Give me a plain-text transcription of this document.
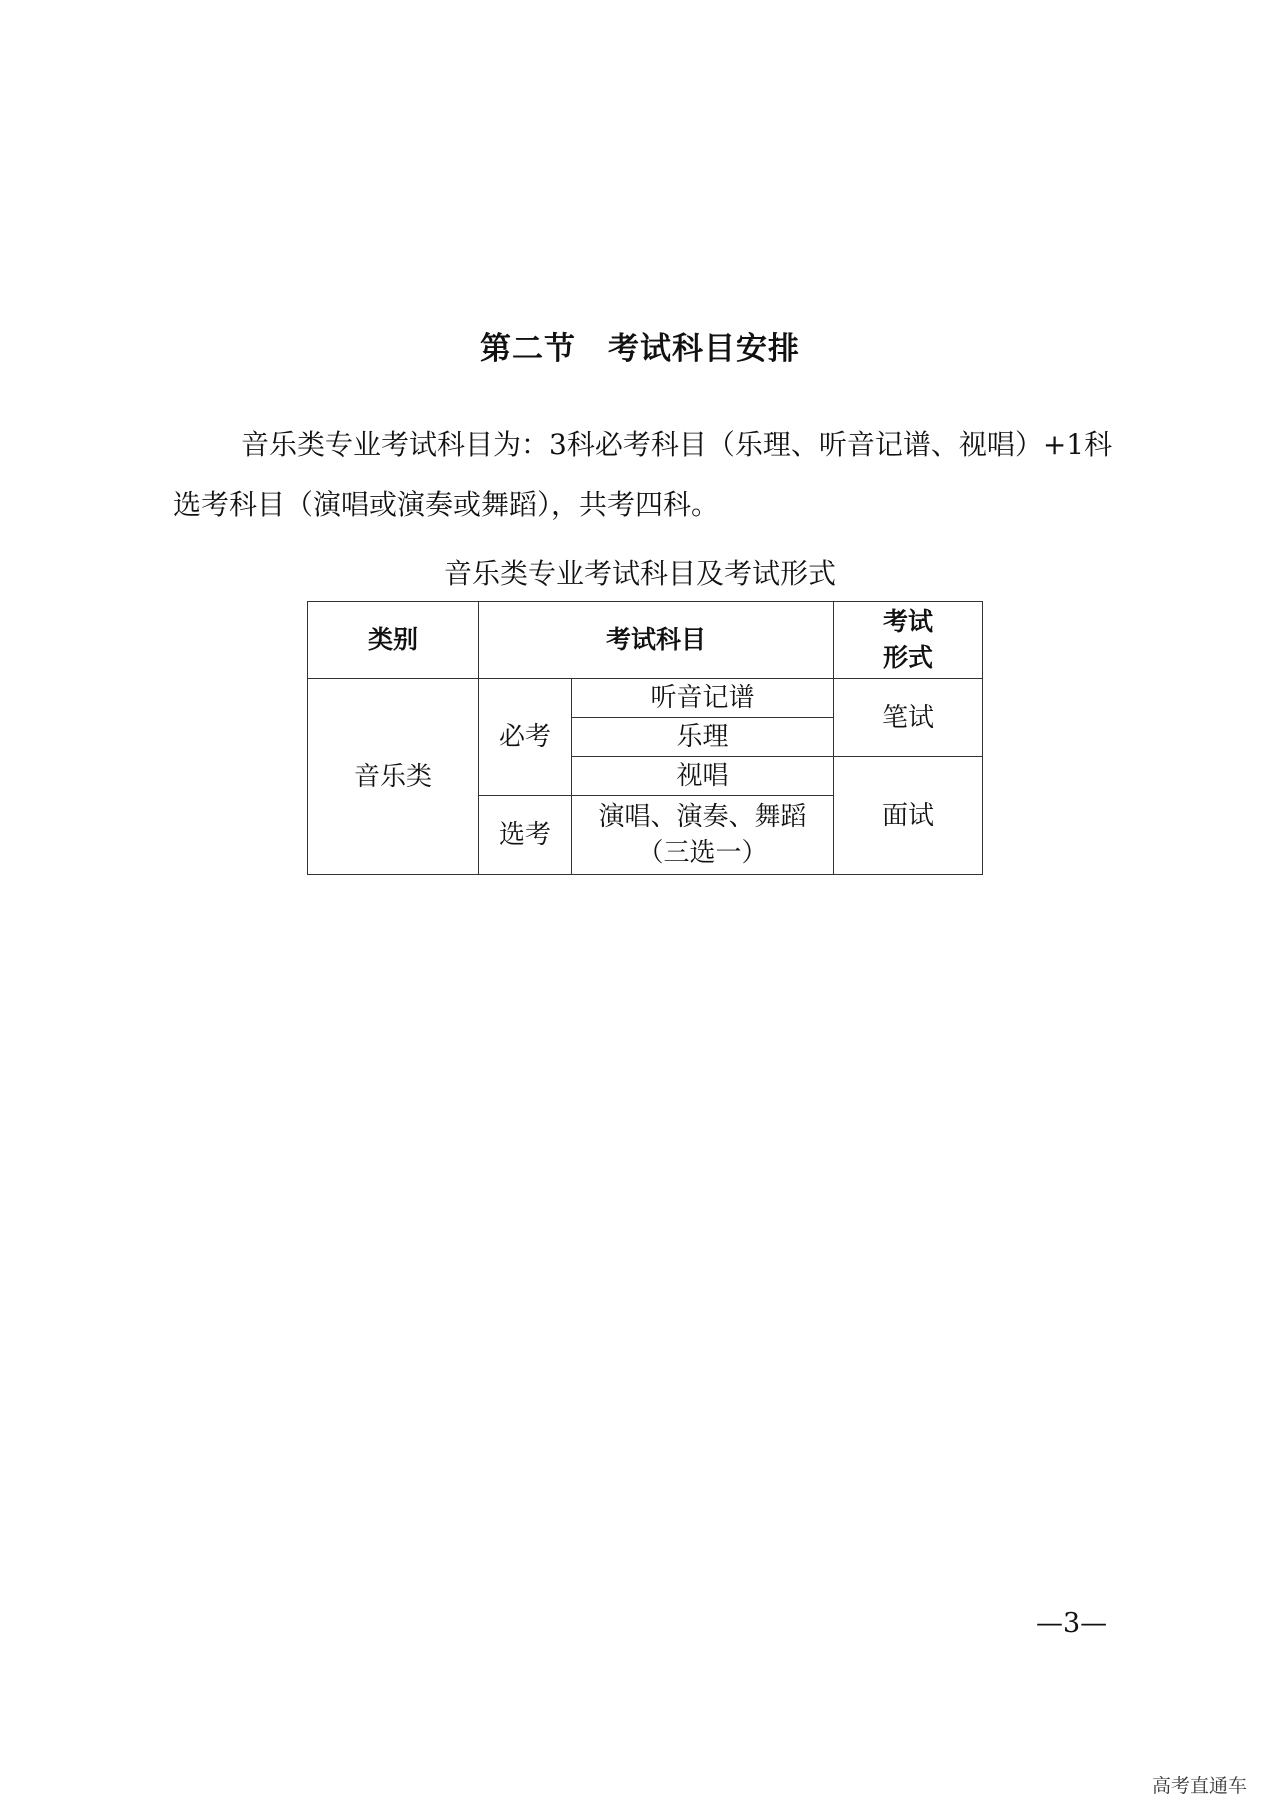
第二节　考试科目安排
音乐类专业考试科目为：3科必考科目（乐理、听音记谱、视唱）+1科选考科目（演唱或演奏或舞蹈），共考四科。
音乐类专业考试科目及考试形式
类别	考试科目		考试
形式

音乐类	必考	听音记谱	笔试
		乐理	
		视唱	面试
	选考	演唱、演奏、舞蹈
（三选一）	
—3—
高考直通车
